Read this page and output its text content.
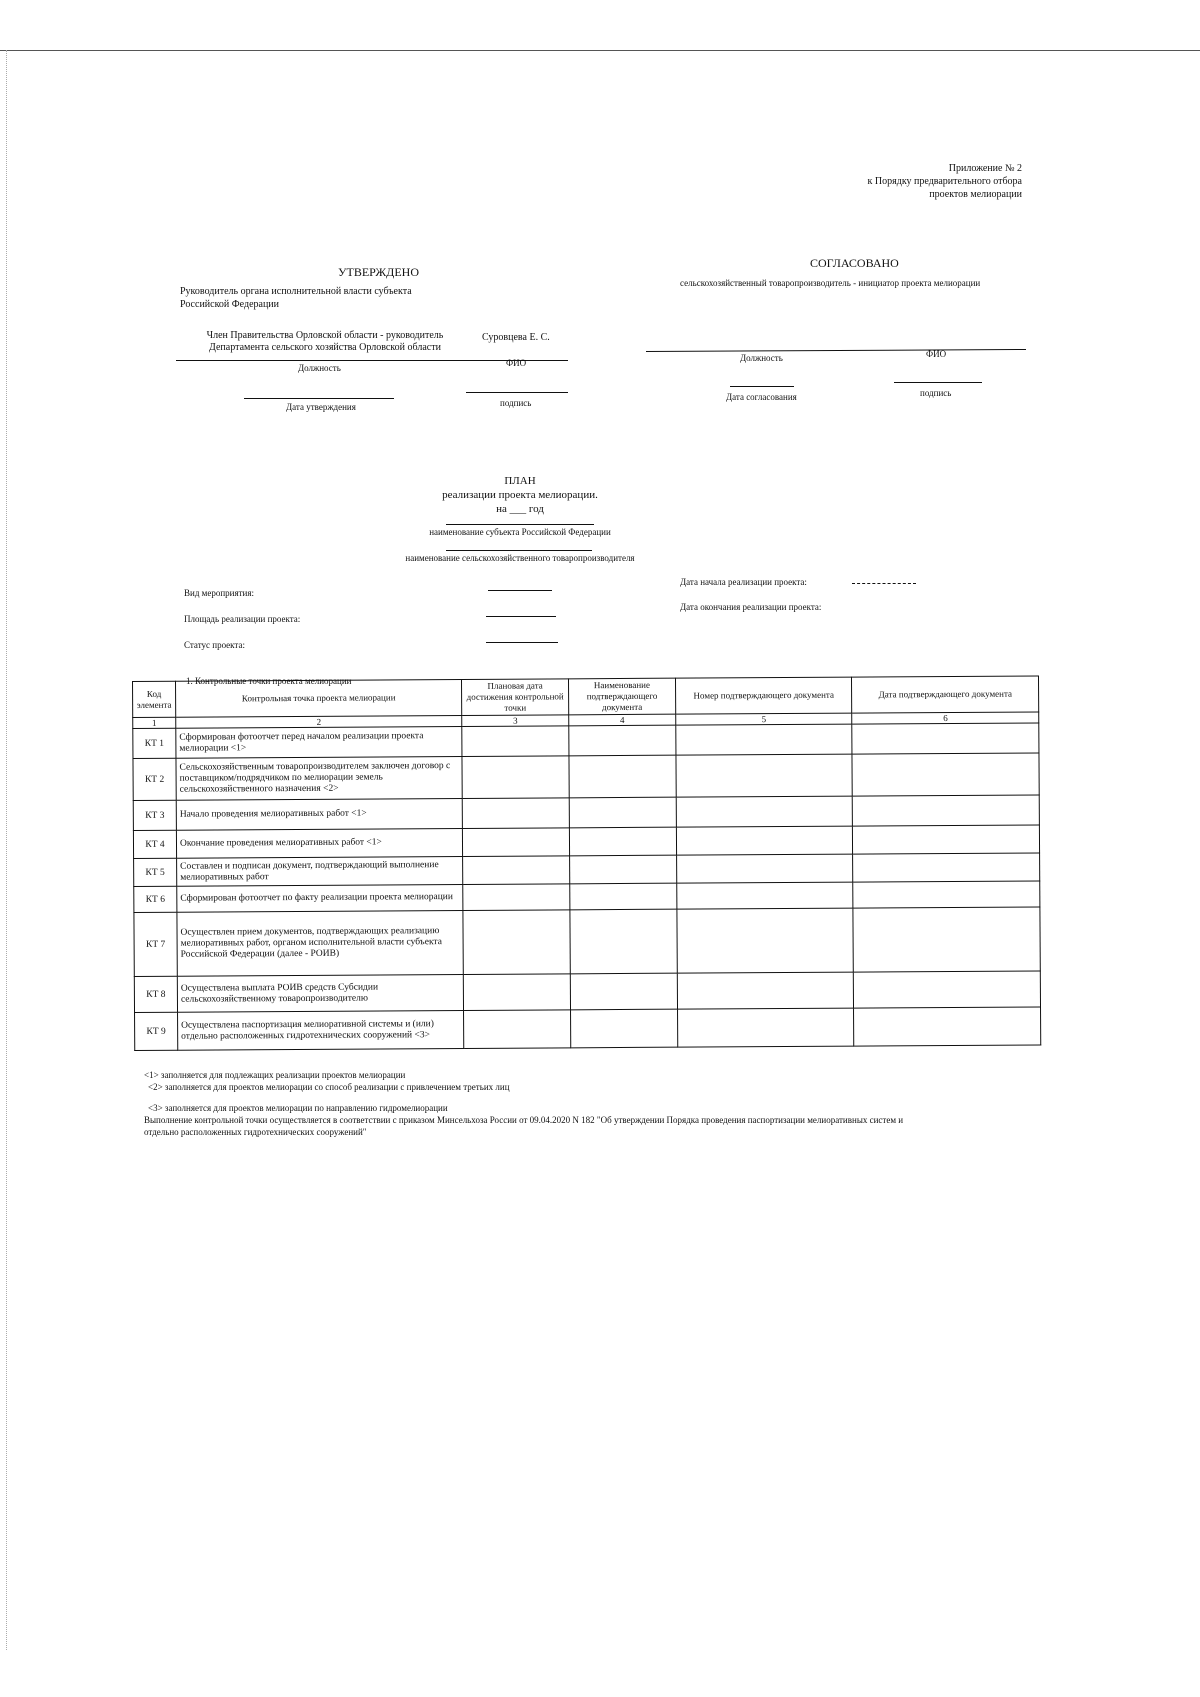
Приложение № 2
к Порядку предварительного отбора
проектов мелиорации
УТВЕРЖДЕНО
Руководитель органа исполнительной власти субъекта
Российской Федерации
Член Правительства Орловской области - руководитель
Департамента сельского хозяйства Орловской области
Суровцева Е. С.
Должность	ФИО
Дата утверждения	подпись
СОГЛАСОВАНО
сельскохозяйственный товаропроизводитель - инициатор проекта мелиорации
Должность	ФИО
Дата согласования	подпись
ПЛАН
реализации проекта мелиорации.
на ___ год
наименование субъекта Российской Федерации
наименование сельскохозяйственного товаропроизводителя
Вид мероприятия:
Площадь реализации проекта:
Статус проекта:
Дата начала реализации проекта:
Дата окончания реализации проекта:
1. Контрольные точки проекта мелиорации
Код элемента	Контрольная точка проекта мелиорации	Плановая дата достижения контрольной точки	Наименование подтверждающего документа	Номер подтверждающего документа	Дата подтверждающего документа
1	2	3	4	5	6
КТ 1	Сформирован фотоотчет перед началом реализации проекта мелиорации <1>				
КТ 2	Сельскохозяйственным товаропроизводителем заключен договор с поставщиком/подрядчиком по мелиорации земель сельскохозяйственного назначения <2>				
КТ 3	Начало проведения мелиоративных работ <1>				
КТ 4	Окончание проведения мелиоративных работ <1>				
КТ 5	Составлен и подписан документ, подтверждающий выполнение мелиоративных работ				
КТ 6	Сформирован фотоотчет по факту реализации проекта мелиорации				
КТ 7	Осуществлен прием документов, подтверждающих реализацию мелиоративных работ, органом исполнительной власти субъекта Российской Федерации (далее - РОИВ)				
КТ 8	Осуществлена выплата РОИВ средств Субсидии сельскохозяйственному товаропроизводителю				
КТ 9	Осуществлена паспортизация мелиоративной системы и (или) отдельно расположенных гидротехнических сооружений <3>				
<1> заполняется для подлежащих реализации проектов мелиорации
<2> заполняется для проектов мелиорации со способ реализации с привлечением третьих лиц
<3> заполняется для проектов мелиорации по направлению гидромелиорации
Выполнение контрольной точки осуществляется в соответствии с приказом Минсельхоза России от 09.04.2020 N 182 "Об утверждении Порядка проведения паспортизации мелиоративных систем и
отдельно расположенных гидротехнических сооружений"
